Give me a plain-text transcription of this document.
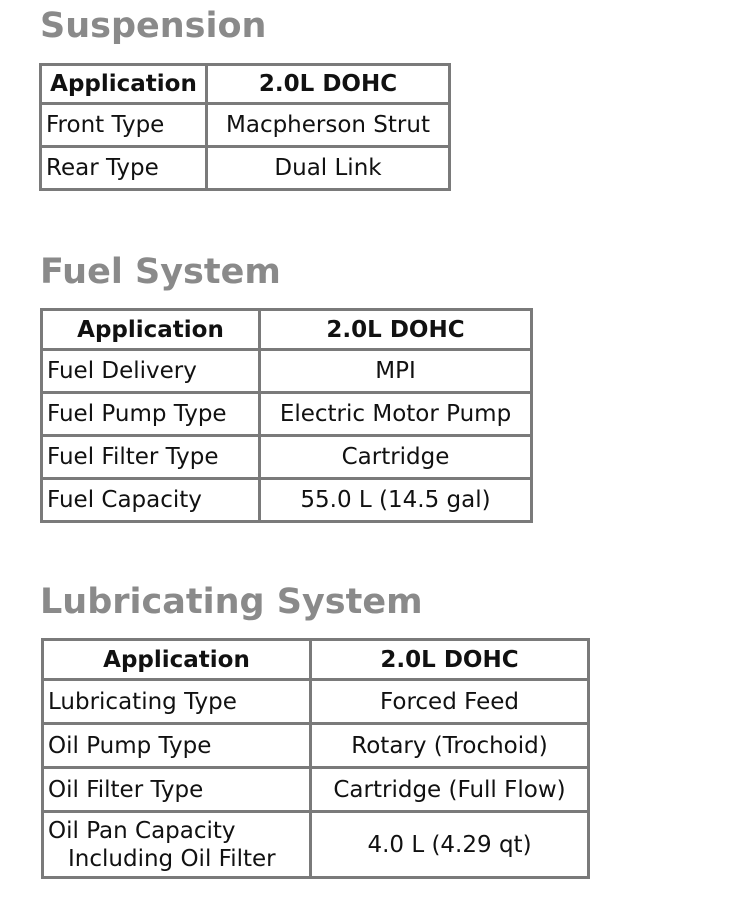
Suspension
Application	2.0L DOHC
Front Type	Macpherson Strut
Rear Type	Dual Link
Fuel System
Application	2.0L DOHC
Fuel Delivery	MPI
Fuel Pump Type	Electric Motor Pump
Fuel Filter Type	Cartridge
Fuel Capacity	55.0 L (14.5 gal)
Lubricating System
Application	2.0L DOHC
Lubricating Type	Forced Feed
Oil Pump Type	Rotary (Trochoid)
Oil Filter Type	Cartridge (Full Flow)

Oil Pan Capacity
Including Oil Filter	4.0 L (4.29 qt)
